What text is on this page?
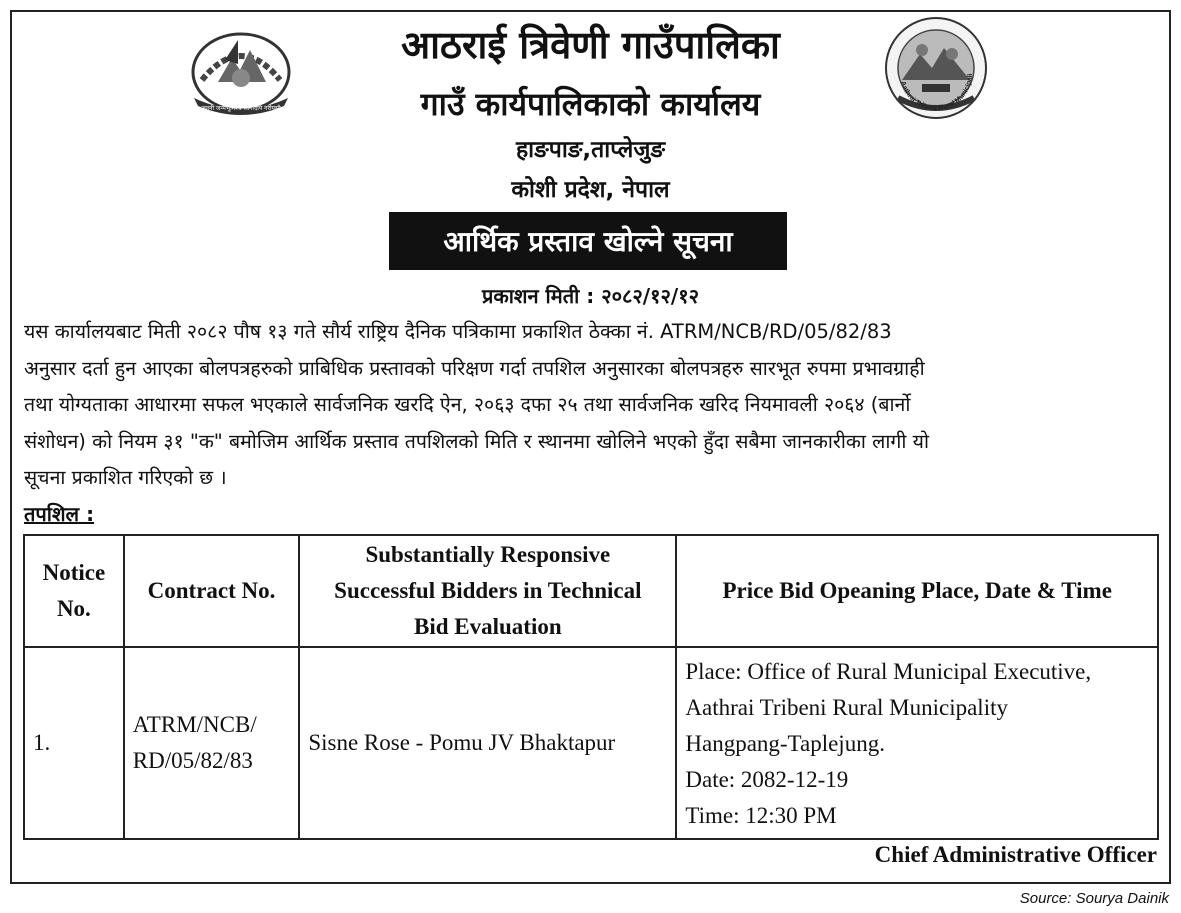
जननी जन्मभूमिश्च स्वर्गादपि गरीयसी
Aathrai Tribeni Rural Municipali
आठराई त्रिवेणी गाउँपालिका
गाउँ कार्यपालिकाको कार्यालय
हाङपाङ,ताप्लेजुङ
कोशी प्रदेश, नेपाल
आर्थिक प्रस्ताव खोल्ने सूचना
प्रकाशन मिती : २०८२/१२/१२
यस कार्यालयबाट मिती २०८२ पौष १३ गते सौर्य राष्ट्रिय दैनिक पत्रिकामा प्रकाशित ठेक्का नं. ATRM/NCB/RD/05/82/83
अनुसार दर्ता हुन आएका बोलपत्रहरुको प्राबिधिक प्रस्तावको परिक्षण गर्दा तपशिल अनुसारका बोलपत्रहरु सारभूत रुपमा प्रभावग्राही
तथा योग्यताका आधारमा सफल भएकाले सार्वजनिक खरदि ऐन, २०६३ दफा २५ तथा सार्वजनिक खरिद नियमावली २०६४ (बार्नो
संशोधन) को नियम ३१ "क" बमोजिम आर्थिक प्रस्ताव तपशिलको मिति र स्थानमा खोलिने भएको हुँदा सबैमा जानकारीका लागी यो
सूचना प्रकाशित गरिएको छ ।
तपशिल :
Notice
No.	Contract No.	Substantially Responsive
Successful Bidders in Technical
Bid Evaluation	Price Bid Opeaning Place, Date & Time
1.	ATRM/NCB/
RD/05/82/83	Sisne Rose - Pomu JV Bhaktapur	Place: Office of Rural Municipal Executive,
Aathrai Tribeni Rural Municipality
Hangpang-Taplejung.
Date: 2082-12-19
Time: 12:30 PM
Chief Administrative Officer
Source: Sourya Dainik
